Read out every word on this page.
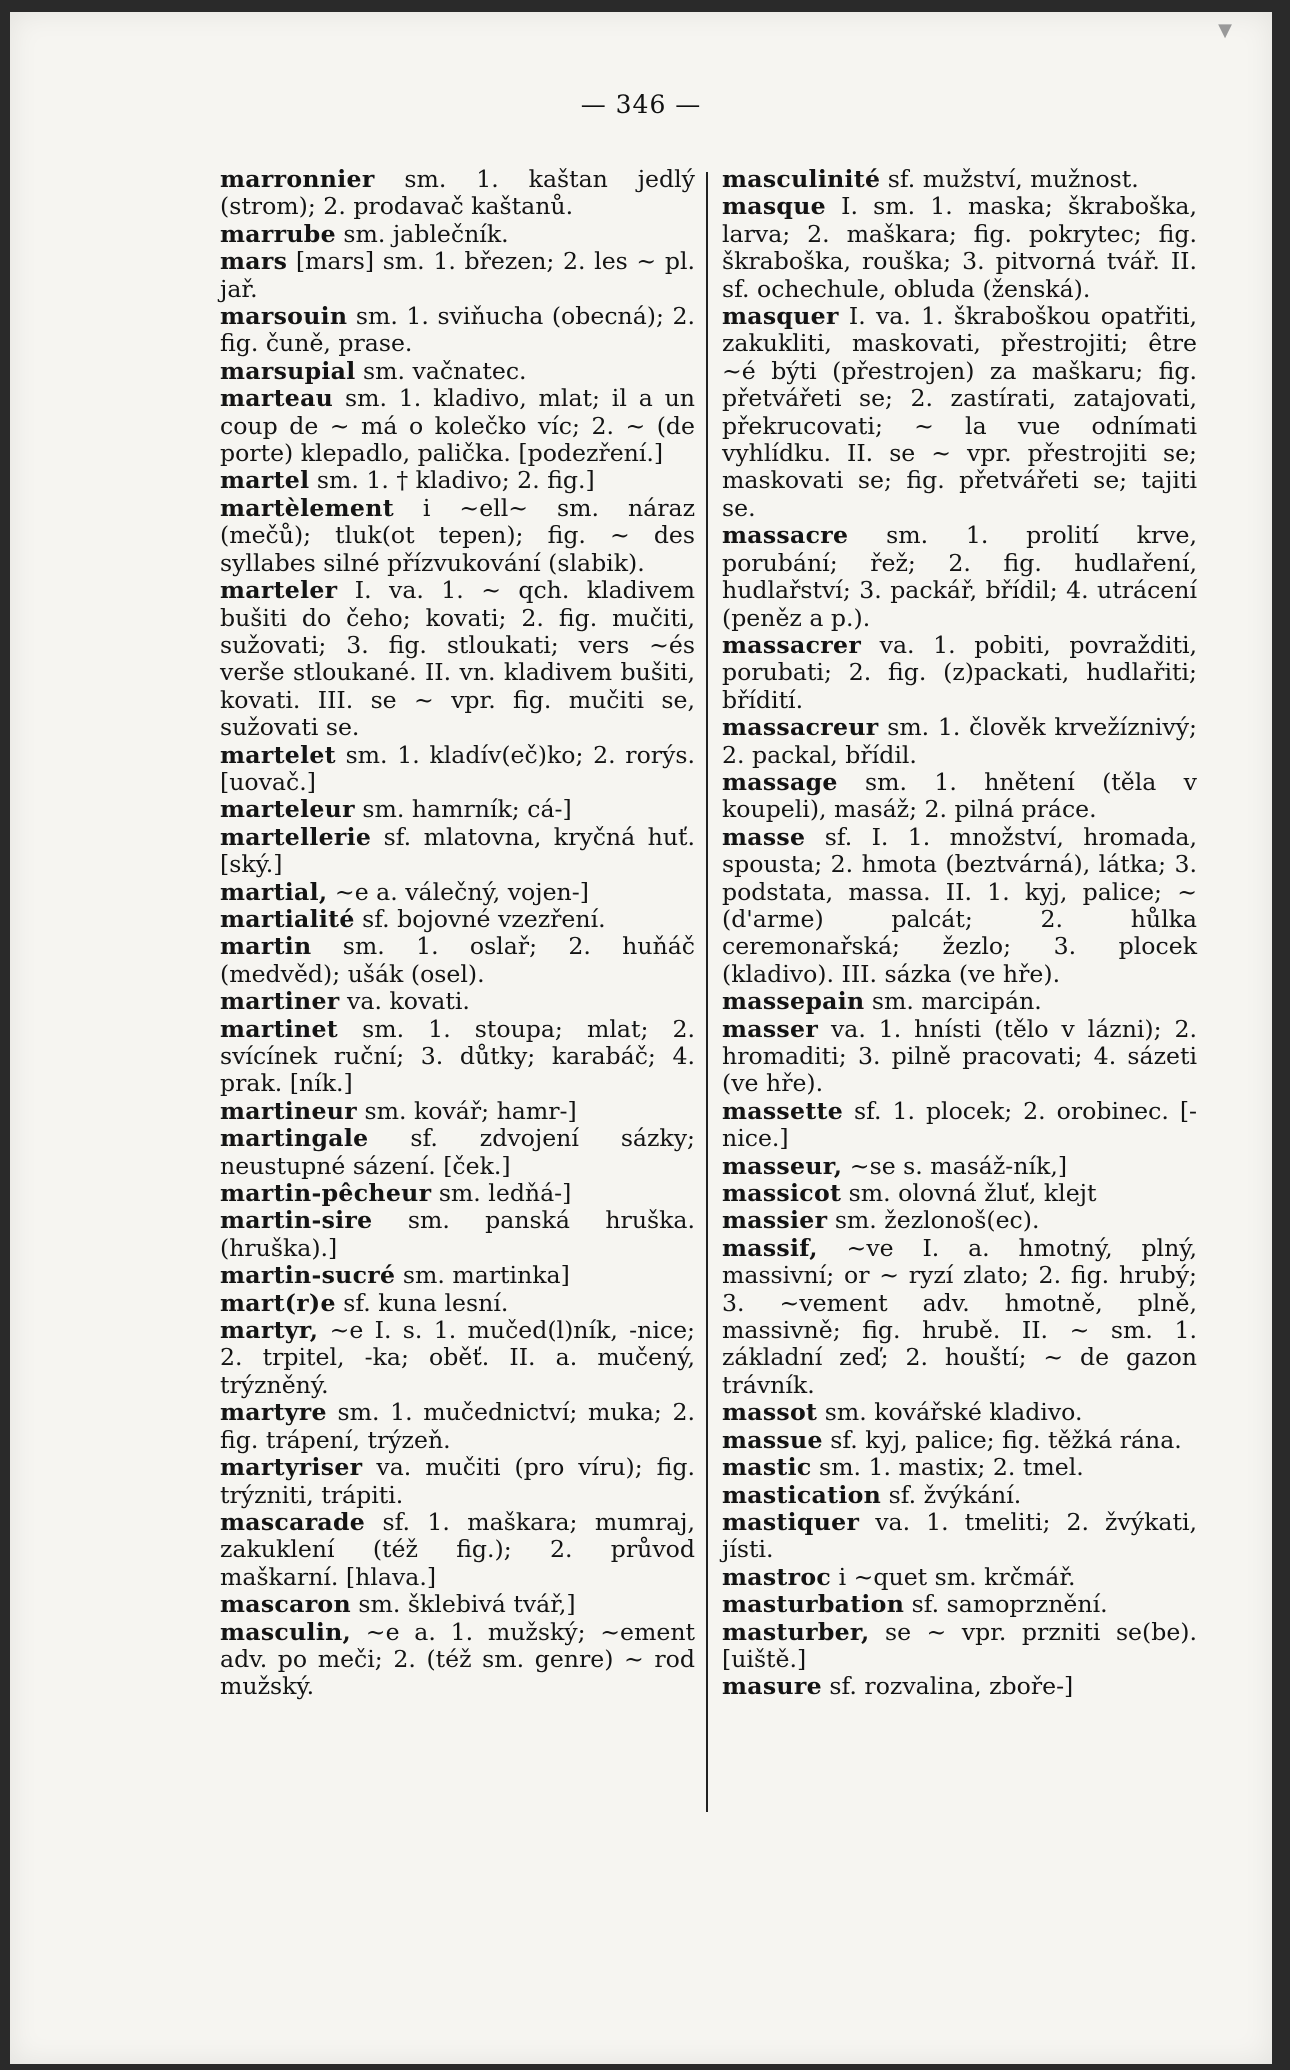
▼
— 346 —

marronnier sm. 1. kaštan jedlý (strom); 2. prodavač kaštanů.

marrube sm. jablečník.

mars [mars] sm. 1. březen; 2. les ~ pl. jař.

marsouin sm. 1. sviňucha (obecná); 2. fig. čuně, prase.

marsupial sm. vačnatec.

marteau sm. 1. kladivo, mlat; il a un coup de ~ má o kolečko víc; 2. ~ (de porte) klepadlo, palička. [podezření.]

martel sm. 1. † kladivo; 2. fig.]

martèlement i ~ell~ sm. náraz (mečů); tluk(ot tepen); fig. ~ des syllabes silné přízvukování (slabik).

marteler I. va. 1. ~ qch. kladivem bušiti do čeho; kovati; 2. fig. mučiti, sužovati; 3. fig. stloukati; vers ~és verše stloukané. II. vn. kladivem bušiti, kovati. III. se ~ vpr. fig. mučiti se, sužovati se.

martelet sm. 1. kladív(eč)ko; 2. rorýs. [uovač.]

marteleur sm. hamrník; cá-]

martellerie sf. mlatovna, kryčná huť. [ský.]

martial, ~e a. válečný, vojen-]

martialité sf. bojovné vzezření.

martin sm. 1. oslař; 2. huňáč (medvěd); ušák (osel).

martiner va. kovati.

martinet sm. 1. stoupa; mlat; 2. svícínek ruční; 3. důtky; karabáč; 4. prak. [ník.]

martineur sm. kovář; hamr-]

martingale sf. zdvojení sázky; neustupné sázení. [ček.]

martin-pêcheur sm. ledňá-]

martin-sire sm. panská hruška. (hruška).]

martin-sucré sm. martinka]

mart(r)e sf. kuna lesní.

martyr, ~e I. s. 1. mučed(l)ník, -nice; 2. trpitel, -ka; oběť. II. a. mučený, trýzněný.

martyre sm. 1. mučednictví; muka; 2. fig. trápení, trýzeň.

martyriser va. mučiti (pro víru); fig. trýzniti, trápiti.

mascarade sf. 1. maškara; mumraj, zakuklení (též fig.); 2. průvod maškarní. [hlava.]

mascaron sm. šklebivá tvář,]

masculin, ~e a. 1. mužský; ~ement adv. po meči; 2. (též sm. genre) ~ rod mužský.

masculinité sf. mužství, mužnost.

masque I. sm. 1. maska; škraboška, larva; 2. maškara; fig. pokrytec; fig. škraboška, rouška; 3. pitvorná tvář. II. sf. ochechule, obluda (ženská).

masquer I. va. 1. škraboškou opatřiti, zakukliti, maskovati, přestrojiti; être ~é býti (přestrojen) za maškaru; fig. přetvářeti se; 2. zastírati, zatajovati, překrucovati; ~ la vue odnímati vyhlídku. II. se ~ vpr. přestrojiti se; maskovati se; fig. přetvářeti se; tajiti se.

massacre sm. 1. prolití krve, porubání; řež; 2. fig. hudlaření, hudlařství; 3. packář, břídil; 4. utrácení (peněz a p.).

massacrer va. 1. pobiti, povražditi, porubati; 2. fig. (z)packati, hudlařiti; břídití.

massacreur sm. 1. člověk krvežíznivý; 2. packal, břídil.

massage sm. 1. hnětení (těla v koupeli), masáž; 2. pilná práce.

masse sf. I. 1. množství, hromada, spousta; 2. hmota (beztvárná), látka; 3. podstata, massa. II. 1. kyj, palice; ~ (d'arme) palcát; 2. hůlka ceremonařská; žezlo; 3. plocek (kladivo). III. sázka (ve hře).

massepain sm. marcipán.

masser va. 1. hnísti (tělo v lázni); 2. hromaditi; 3. pilně pracovati; 4. sázeti (ve hře).

massette sf. 1. plocek; 2. orobinec. [-nice.]

masseur, ~se s. masáž-ník,]

massicot sm. olovná žluť, klejt

massier sm. žezlonoš(ec).

massif, ~ve I. a. hmotný, plný, massivní; or ~ ryzí zlato; 2. fig. hrubý; 3. ~vement adv. hmotně, plně, massivně; fig. hrubě. II. ~ sm. 1. základní zeď; 2. houští; ~ de gazon trávník.

massot sm. kovářské kladivo.

massue sf. kyj, palice; fig. těžká rána.

mastic sm. 1. mastix; 2. tmel.

mastication sf. žvýkání.

mastiquer va. 1. tmeliti; 2. žvýkati, jísti.

mastroc i ~quet sm. krčmář.

masturbation sf. samoprznění.

masturber, se ~ vpr. przniti se(be). [uiště.]

masure sf. rozvalina, zboře-]
